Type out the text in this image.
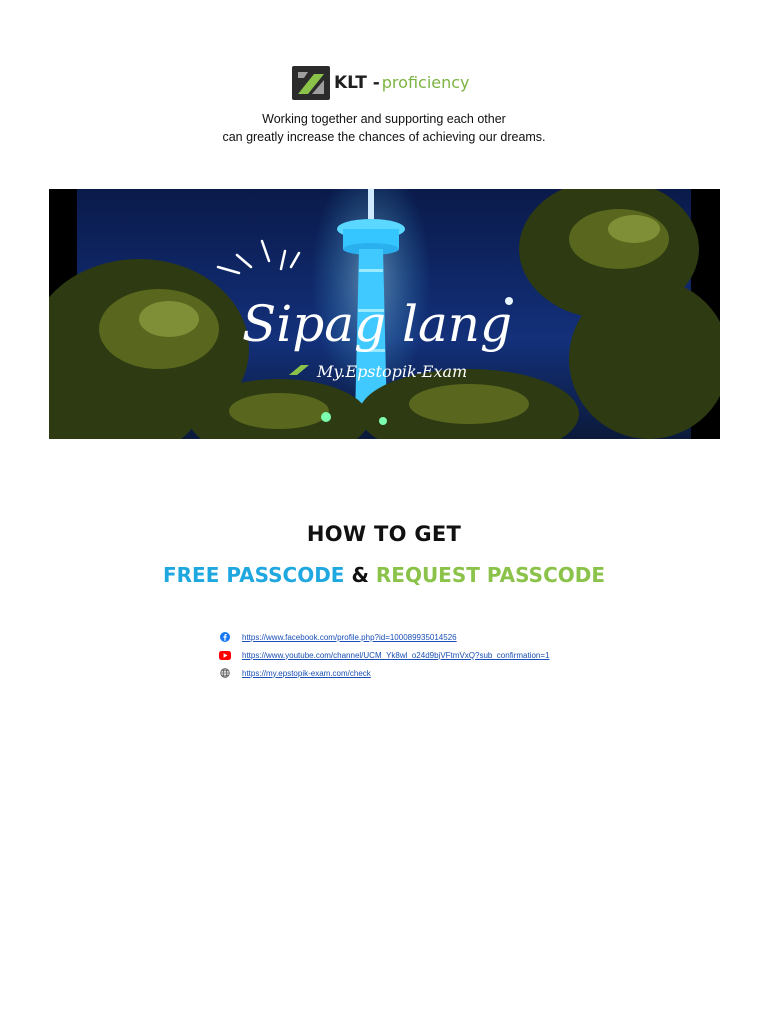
KLT - proficiency
Working together and supporting each other
can greatly increase the chances of achieving our dreams.
Sipag lang
My.Epstopik-Exam
HOW TO GET
FREE PASSCODE & REQUEST PASSCODE
https://www.facebook.com/profile.php?id=100089935014526
https://www.youtube.com/channel/UCM_Yk8wl_o24d9bjVFtmVxQ?sub_confirmation=1
https://my.epstopik-exam.com/check
